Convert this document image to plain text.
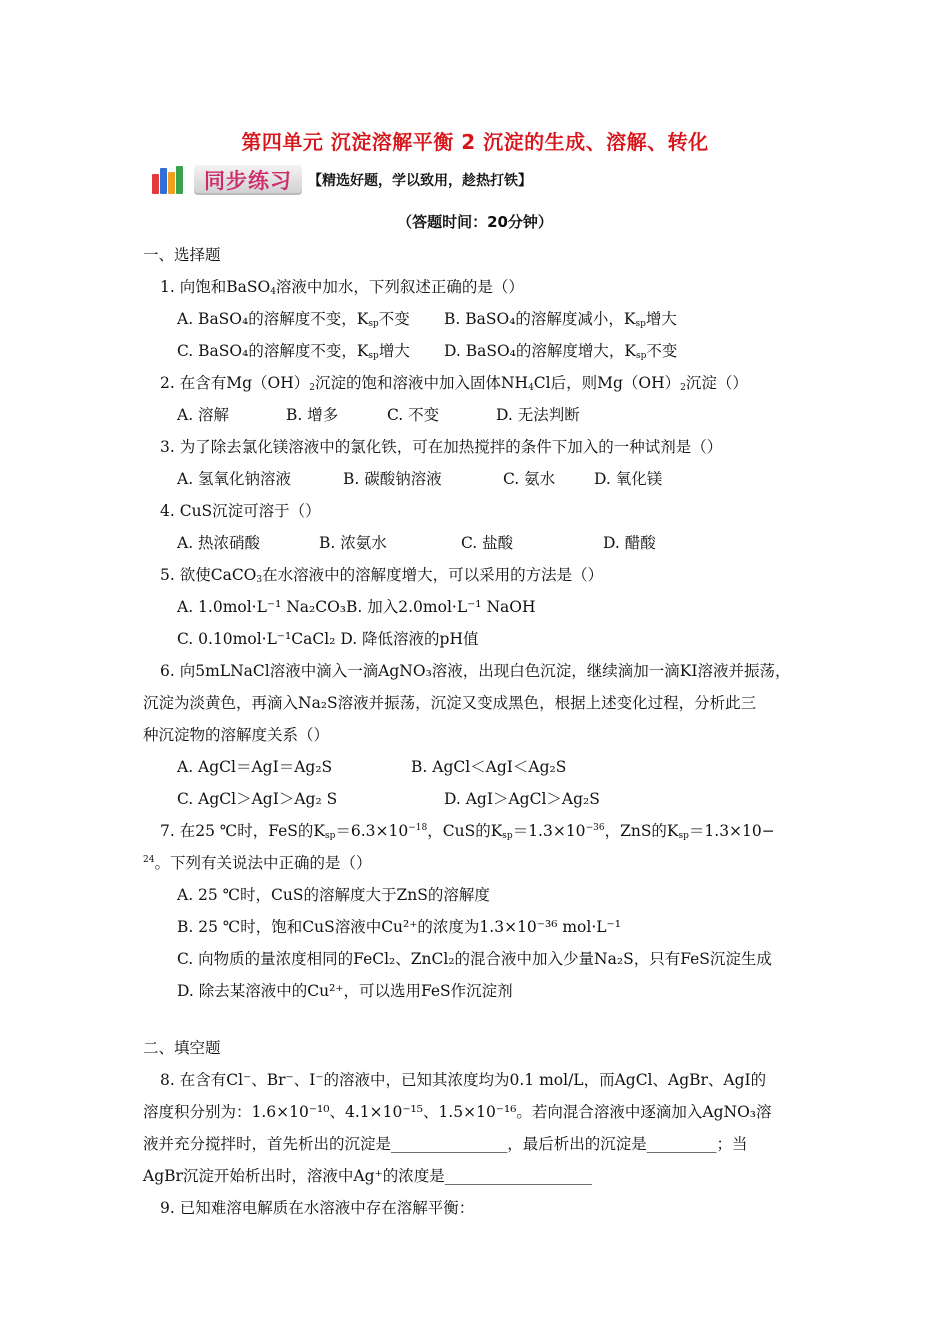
第四单元 沉淀溶解平衡 2 沉淀的生成、溶解、转化
同步练习 【精选好题，学以致用，趁热打铁】
（答题时间：20分钟）
一、选择题
1. 向饱和BaSO$_4$溶液中加水，下列叙述正确的是（）
A. BaSO₄的溶解度不变，$K_{sp}$不变 B. BaSO₄的溶解度减小，$K_{sp}$增大
C. BaSO₄的溶解度不变，$K_{sp}$增大 D. BaSO₄的溶解度增大，$K_{sp}$不变
2. 在含有$Mg(OH)_2$沉淀的饱和溶液中加入固体$NH_4Cl$后，则$Mg(OH)_2$沉淀（）
A. 溶解	B. 增多	C. 不变	D. 无法判断
3. 为了除去氯化镁溶液中的氯化铁，可在加热搅拌的条件下加入的一种试剂是（）
A. 氢氧化钠溶液	B. 碳酸钠溶液	C. 氨水	D. 氧化镁
4. CuS沉淀可溶于（）
A. 热浓硝酸	B. 浓氨水	C. 盐酸	D. 醋酸
5. 欲使CaCO$_3$在水溶液中的溶解度增大，可以采用的方法是（）
A. 1.0mol·L⁻¹ Na₂CO₃B. 加入2.0mol·L⁻¹ NaOH
C. 0.10mol·L⁻¹CaCl₂ D. 降低溶液的pH值
6. 向5mLNaCl溶液中滴入一滴AgNO₃溶液，出现白色沉淀，继续滴加一滴KI溶液并振荡，
沉淀为淡黄色，再滴入Na₂S溶液并振荡，沉淀又变成黑色，根据上述变化过程，分析此三
种沉淀物的溶解度关系（）
A. AgCl＝AgI＝Ag₂S	B. AgCl＜AgI＜Ag₂S
C. AgCl＞AgI＞Ag₂ S	D. AgI＞AgCl＞Ag₂S
7. 在25 ℃时，FeS的$K_{sp}=6.3\times 10^{-18}$，CuS的$K_{sp}=1.3\times 10^{-36}$，ZnS的$K_{sp}=1.3\times 10-$
$^{24}$。下列有关说法中正确的是（）
A. 25 ℃时，CuS的溶解度大于ZnS的溶解度
B. 25 ℃时，饱和CuS溶液中Cu²⁺的浓度为1.3×10⁻³⁶ mol·L⁻¹
C. 向物质的量浓度相同的FeCl₂、ZnCl₂的混合液中加入少量Na₂S，只有FeS沉淀生成
D. 除去某溶液中的Cu²⁺，可以选用FeS作沉淀剂
二、填空题
8. 在含有Cl⁻、Br⁻、I⁻的溶液中，已知其浓度均为0.1 mol/L，而AgCl、AgBr、AgI的
溶度积分别为：1.6×10⁻¹⁰、4.1×10⁻¹⁵、1.5×10⁻¹⁶。若向混合溶液中逐滴加入AgNO₃溶
液并充分搅拌时，首先析出的沉淀是_______________，最后析出的沉淀是_________；当
AgBr沉淀开始析出时，溶液中Ag⁺的浓度是___________________
9. 已知难溶电解质在水溶液中存在溶解平衡：
